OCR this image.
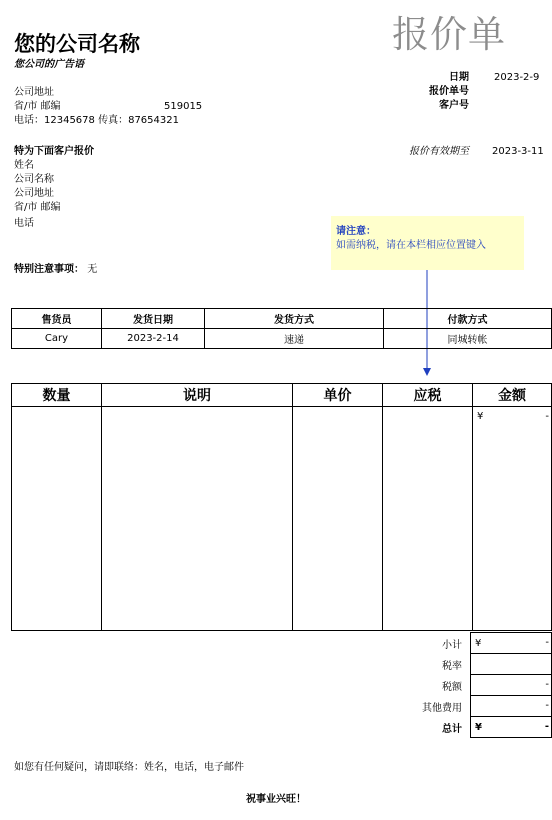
您的公司名称
您公司的广告语
报价单
公司地址
省/市 邮编	519015
电话：12345678 传真：87654321
日期	2023-2-9
报价单号
客户号
报价有效期至 2023-3-11
特为下面客户报价
姓名
公司名称
公司地址
省/市 邮编
电话
请注意：
如需纳税，请在本栏相应位置键入
特别注意事项： 无
售货员	发货日期	发货方式	付款方式
Cary	2023-2-14	速递	同城转帐
数量	说明	单价	应税	金额

				¥ -
小计	¥ -

税率	
税额	-

其他费用	-

总计	¥ -
如您有任何疑问，请即联络：姓名，电话，电子邮件
祝事业兴旺！
